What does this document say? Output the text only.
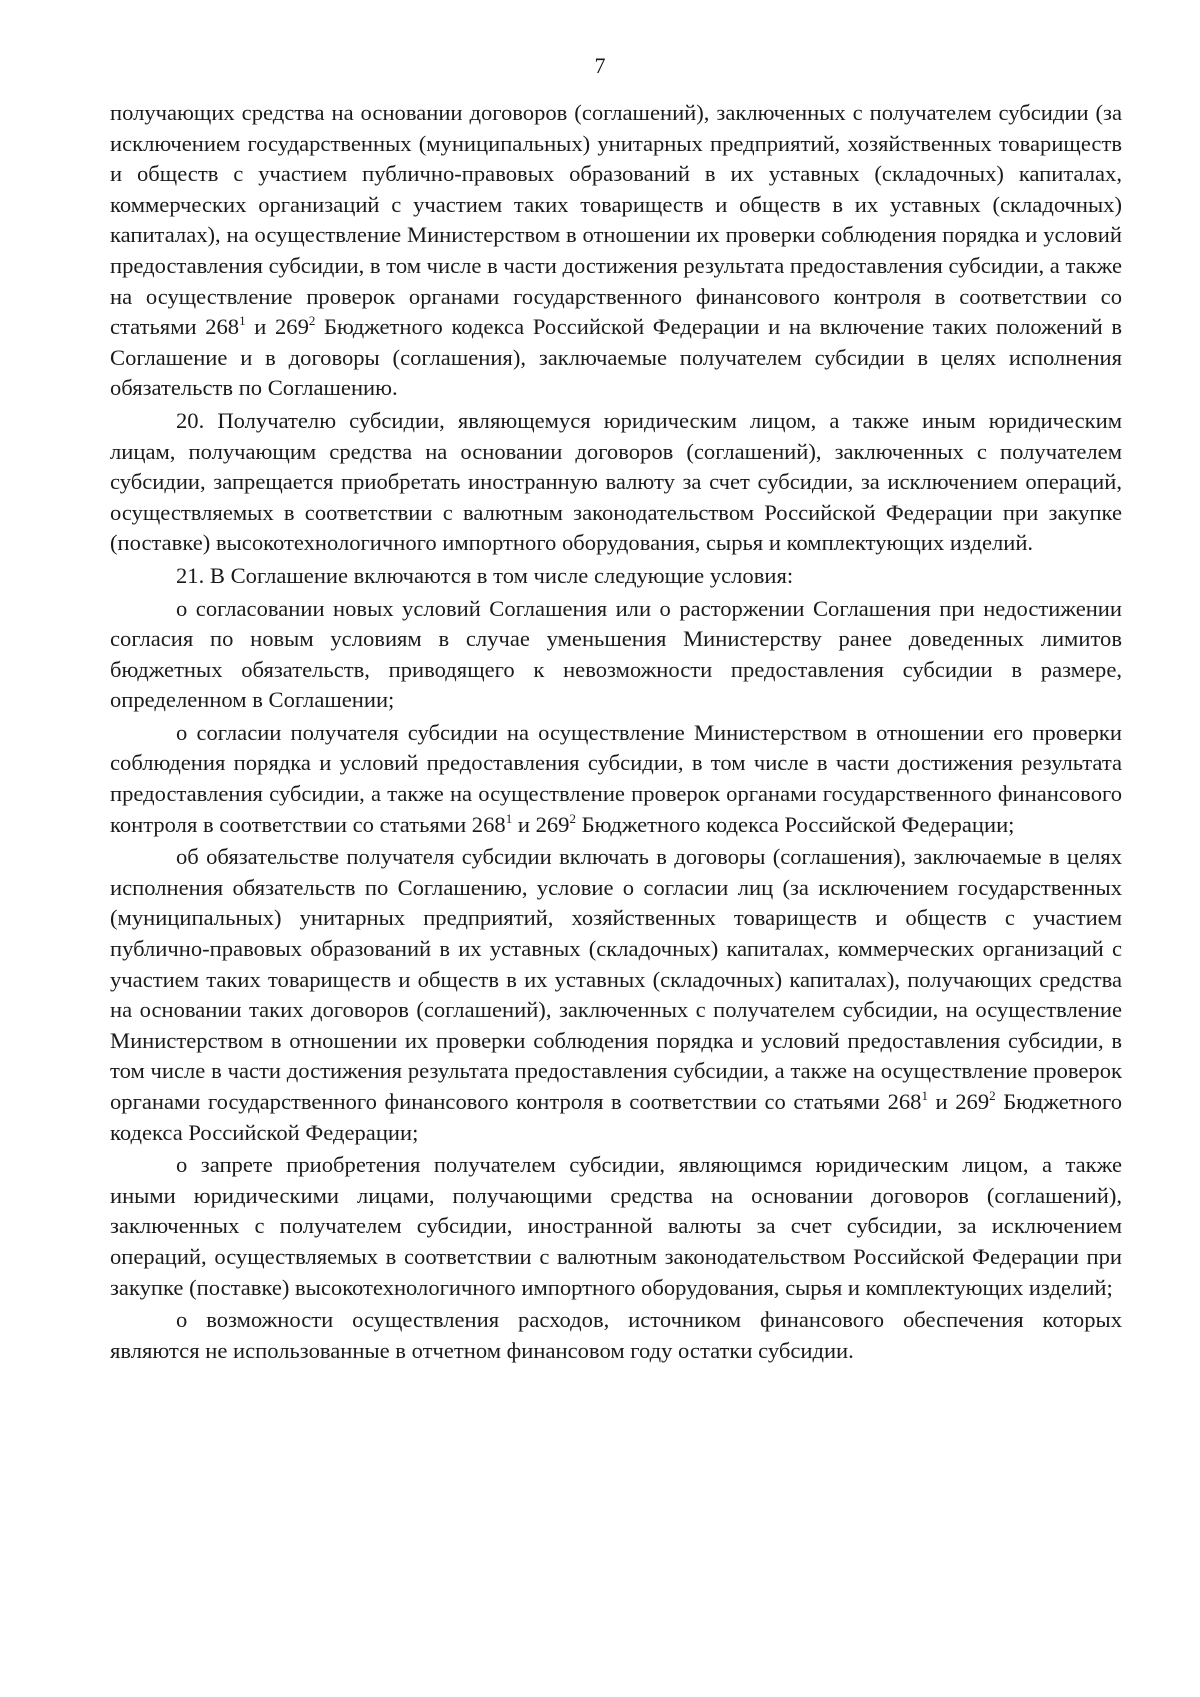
7

получающих средства на основании договоров (соглашений), заключенных с получателем субсидии (за исключением государственных (муниципальных) унитарных предприятий, хозяйственных товариществ и обществ с участием публично-правовых образований в их уставных (складочных) капиталах, коммерческих организаций с участием таких товариществ и обществ в их уставных (складочных) капиталах), на осуществление Министерством в отношении их проверки соблюдения порядка и условий предоставления субсидии, в том числе в части достижения результата предоставления субсидии, а также на осуществление проверок органами государственного финансового контроля в соответствии со статьями $268^1$ и $269^2$ Бюджетного кодекса Российской Федерации и на включение таких положений в Соглашение и в договоры (соглашения), заключаемые получателем субсидии в целях исполнения обязательств по Соглашению.

20. Получателю субсидии, являющемуся юридическим лицом, а также иным юридическим лицам, получающим средства на основании договоров (соглашений), заключенных с получателем субсидии, запрещается приобретать иностранную валюту за счет субсидии, за исключением операций, осуществляемых в соответствии с валютным законодательством Российской Федерации при закупке (поставке) высокотехнологичного импортного оборудования, сырья и комплектующих изделий.

21. В Соглашение включаются в том числе следующие условия:

о согласовании новых условий Соглашения или о расторжении Соглашения при недостижении согласия по новым условиям в случае уменьшения Министерству ранее доведенных лимитов бюджетных обязательств, приводящего к невозможности предоставления субсидии в размере, определенном в Соглашении;

о согласии получателя субсидии на осуществление Министерством в отношении его проверки соблюдения порядка и условий предоставления субсидии, в том числе в части достижения результата предоставления субсидии, а также на осуществление проверок органами государственного финансового контроля в соответствии со статьями $268^1$ и $269^2$ Бюджетного кодекса Российской Федерации;

об обязательстве получателя субсидии включать в договоры (соглашения), заключаемые в целях исполнения обязательств по Соглашению, условие о согласии лиц (за исключением государственных (муниципальных) унитарных предприятий, хозяйственных товариществ и обществ с участием публично-правовых образований в их уставных (складочных) капиталах, коммерческих организаций с участием таких товариществ и обществ в их уставных (складочных) капиталах), получающих средства на основании таких договоров (соглашений), заключенных с получателем субсидии, на осуществление Министерством в отношении их проверки соблюдения порядка и условий предоставления субсидии, в том числе в части достижения результата предоставления субсидии, а также на осуществление проверок органами государственного финансового контроля в соответствии со статьями $268^1$ и $269^2$ Бюджетного кодекса Российской Федерации;

о запрете приобретения получателем субсидии, являющимся юридическим лицом, а также иными юридическими лицами, получающими средства на основании договоров (соглашений), заключенных с получателем субсидии, иностранной валюты за счет субсидии, за исключением операций, осуществляемых в соответствии с валютным законодательством Российской Федерации при закупке (поставке) высокотехнологичного импортного оборудования, сырья и комплектующих изделий;

о возможности осуществления расходов, источником финансового обеспечения которых являются не использованные в отчетном финансовом году остатки субсидии.
